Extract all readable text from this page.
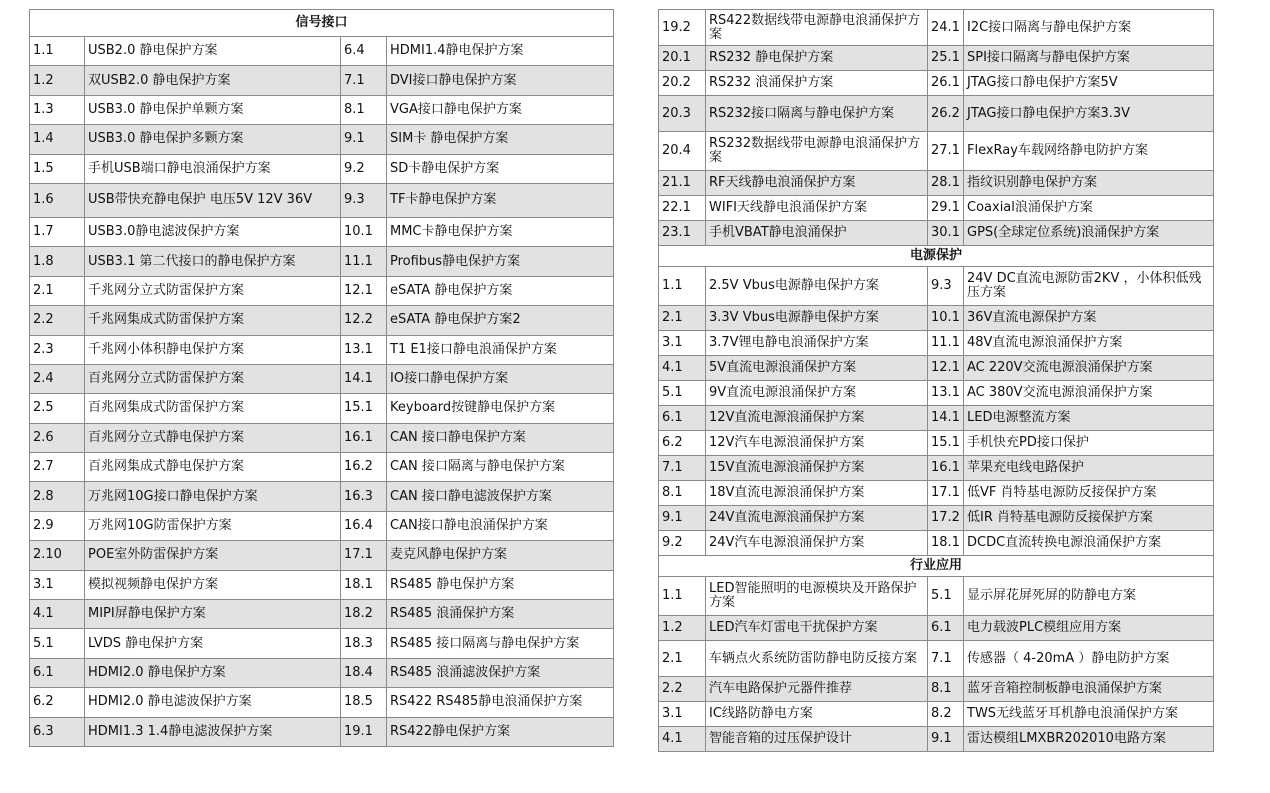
信号接口			
1.1	USB2.0 静电保护方案	6.4	HDMI1.4静电保护方案
1.2	双USB2.0 静电保护方案	7.1	DVI接口静电保护方案
1.3	USB3.0 静电保护单颗方案	8.1	VGA接口静电保护方案
1.4	USB3.0 静电保护多颗方案	9.1	SIM卡 静电保护方案
1.5	手机USB端口静电浪涌保护方案	9.2	SD卡静电保护方案
1.6	USB带快充静电保护 电压5V 12V 36V	9.3	TF卡静电保护方案
1.7	USB3.0静电滤波保护方案	10.1	MMC卡静电保护方案
1.8	USB3.1 第二代接口的静电保护方案	11.1	Profibus静电保护方案
2.1	千兆网分立式防雷保护方案	12.1	eSATA 静电保护方案
2.2	千兆网集成式防雷保护方案	12.2	eSATA 静电保护方案2
2.3	千兆网小体积静电保护方案	13.1	T1 E1接口静电浪涌保护方案
2.4	百兆网分立式防雷保护方案	14.1	IO接口静电保护方案
2.5	百兆网集成式防雷保护方案	15.1	Keyboard按键静电保护方案
2.6	百兆网分立式静电保护方案	16.1	CAN 接口静电保护方案
2.7	百兆网集成式静电保护方案	16.2	CAN 接口隔离与静电保护方案
2.8	万兆网10G接口静电保护方案	16.3	CAN 接口静电滤波保护方案
2.9	万兆网10G防雷保护方案	16.4	CAN接口静电浪涌保护方案
2.10	POE室外防雷保护方案	17.1	麦克风静电保护方案
3.1	模拟视频静电保护方案	18.1	RS485 静电保护方案
4.1	MIPI屏静电保护方案	18.2	RS485 浪涌保护方案
5.1	LVDS 静电保护方案	18.3	RS485 接口隔离与静电保护方案
6.1	HDMI2.0 静电保护方案	18.4	RS485 浪涌滤波保护方案
6.2	HDMI2.0 静电滤波保护方案	18.5	RS422 RS485静电浪涌保护方案
6.3	HDMI1.3 1.4静电滤波保护方案	19.1	RS422静电保护方案
19.2	RS422数据线带电源静电浪涌保护方案	24.1	I2C接口隔离与静电保护方案
20.1	RS232 静电保护方案	25.1	SPI接口隔离与静电保护方案
20.2	RS232 浪涌保护方案	26.1	JTAG接口静电保护方案5V
20.3	RS232接口隔离与静电保护方案	26.2	JTAG接口静电保护方案3.3V
20.4	RS232数据线带电源静电浪涌保护方案	27.1	FlexRay车载网络静电防护方案
21.1	RF天线静电浪涌保护方案	28.1	指纹识别静电保护方案
22.1	WIFI天线静电浪涌保护方案	29.1	Coaxial浪涌保护方案
23.1	手机VBAT静电浪涌保护	30.1	GPS(全球定位系统)浪涌保护方案
电源保护			
1.1	2.5V Vbus电源静电保护方案	9.3	24V DC直流电源防雷2KV ，小体积低残压方案
2.1	3.3V Vbus电源静电保护方案	10.1	36V直流电源保护方案
3.1	3.7V锂电静电浪涌保护方案	11.1	48V直流电源浪涌保护方案
4.1	5V直流电源浪涌保护方案	12.1	AC 220V交流电源浪涌保护方案
5.1	9V直流电源浪涌保护方案	13.1	AC 380V交流电源浪涌保护方案
6.1	12V直流电源浪涌保护方案	14.1	LED电源整流方案
6.2	12V汽车电源浪涌保护方案	15.1	手机快充PD接口保护
7.1	15V直流电源浪涌保护方案	16.1	苹果充电线电路保护
8.1	18V直流电源浪涌保护方案	17.1	低VF 肖特基电源防反接保护方案
9.1	24V直流电源浪涌保护方案	17.2	低IR 肖特基电源防反接保护方案
9.2	24V汽车电源浪涌保护方案	18.1	DCDC直流转换电源浪涌保护方案
行业应用			
1.1	LED智能照明的电源模块及开路保护方案	5.1	显示屏花屏死屏的防静电方案
1.2	LED汽车灯雷电干扰保护方案	6.1	电力载波PLC模组应用方案
2.1	车辆点火系统防雷防静电防反接方案	7.1	传感器（ 4-20mA ）静电防护方案
2.2	汽车电路保护元器件推荐	8.1	蓝牙音箱控制板静电浪涌保护方案
3.1	IC线路防静电方案	8.2	TWS无线蓝牙耳机静电浪涌保护方案
4.1	智能音箱的过压保护设计	9.1	雷达模组LMXBR202010电路方案
